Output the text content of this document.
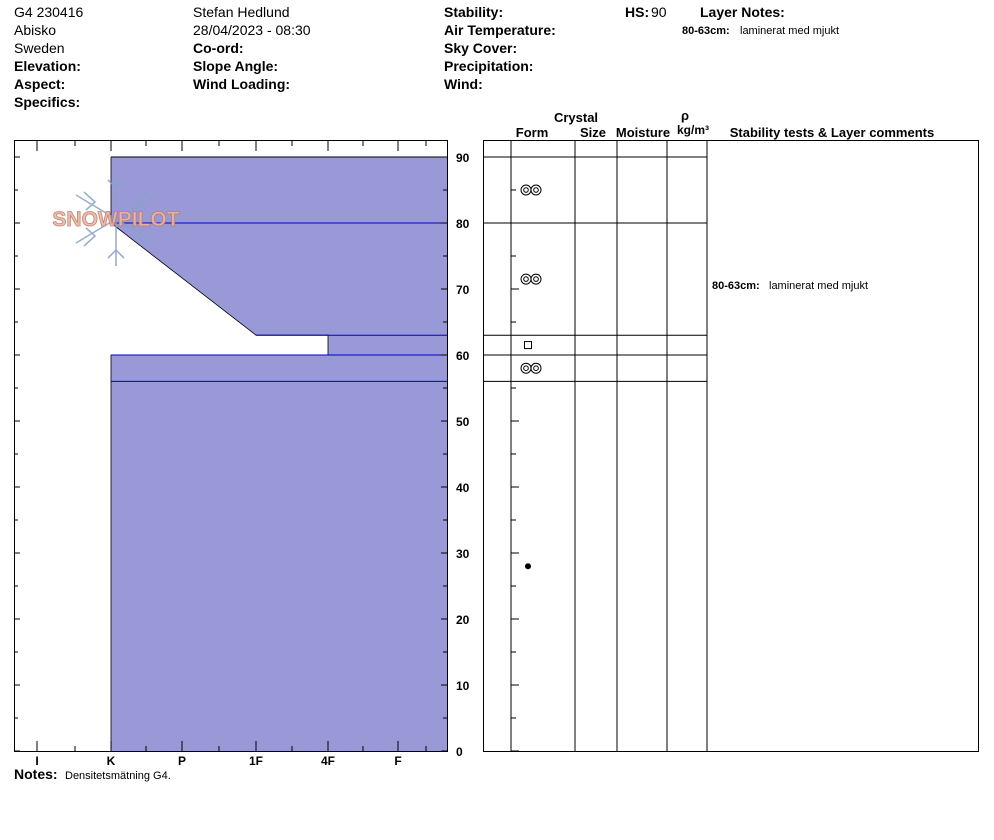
G4 230416
Abisko
Sweden
Elevation:
Aspect:
Specifics:
Stefan Hedlund
28/04/2023 - 08:30
Co-ord:
Slope Angle:
Wind Loading:
Stability:
Air Temperature:
Sky Cover:
Precipitation:
Wind:
HS: 90 Layer Notes:
80-63cm: laminerat med mjukt
Crystal
Form	Size Moisture
ρ
kg/m³	Stability tests & Layer comments
SNOWPILOT
0
10
20
30
40
50
60
70
80
90
I	K	P	1F	4F	F
80-63cm: laminerat med mjukt
Notes: Densitetsmätning G4.
